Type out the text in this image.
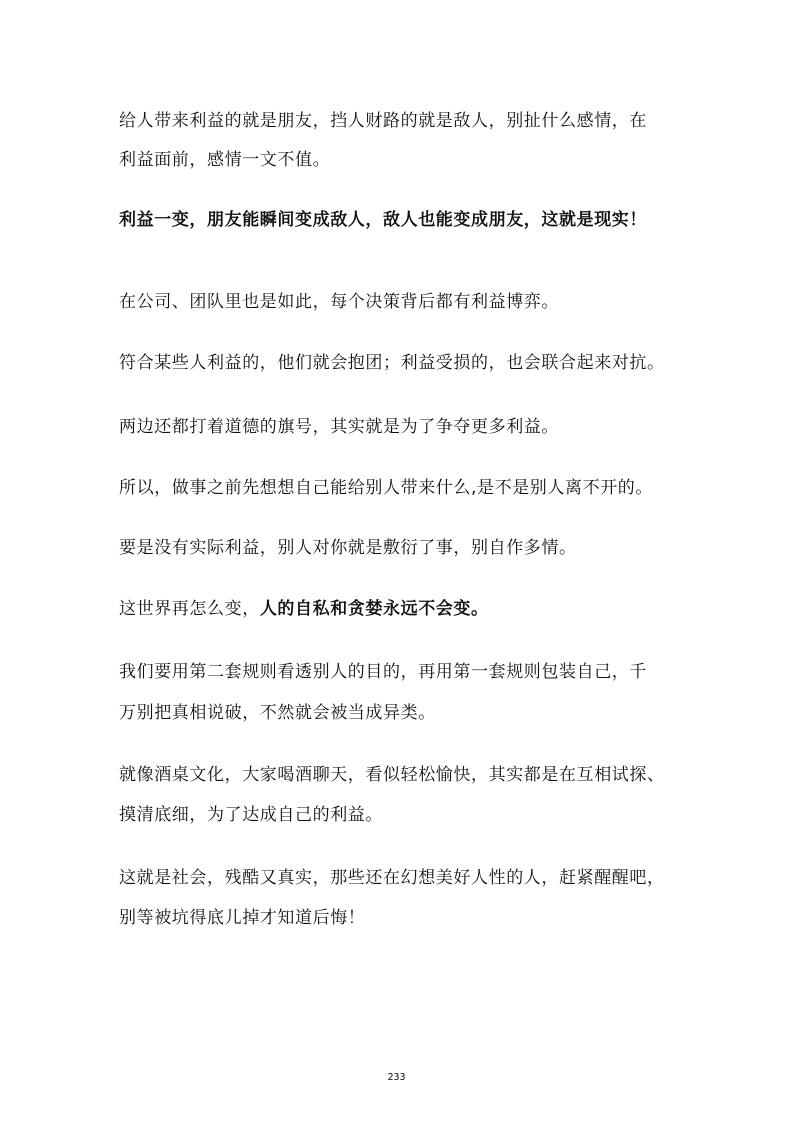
给人带来利益的就是朋友，挡人财路的就是敌人，别扯什么感情，在
利益面前，感情一文不值。
利益一变，朋友能瞬间变成敌人，敌人也能变成朋友，这就是现实！
在公司、团队里也是如此，每个决策背后都有利益博弈。
符合某些人利益的，他们就会抱团；利益受损的，也会联合起来对抗。
两边还都打着道德的旗号，其实就是为了争夺更多利益。
所以，做事之前先想想自己能给别人带来什么,是不是别人离不开的。
要是没有实际利益，别人对你就是敷衍了事，别自作多情。
这世界再怎么变，人的自私和贪婪永远不会变。
我们要用第二套规则看透别人的目的，再用第一套规则包装自己，千
万别把真相说破，不然就会被当成异类。
就像酒桌文化，大家喝酒聊天，看似轻松愉快，其实都是在互相试探、
摸清底细，为了达成自己的利益。
这就是社会，残酷又真实，那些还在幻想美好人性的人，赶紧醒醒吧，
别等被坑得底儿掉才知道后悔！
233
